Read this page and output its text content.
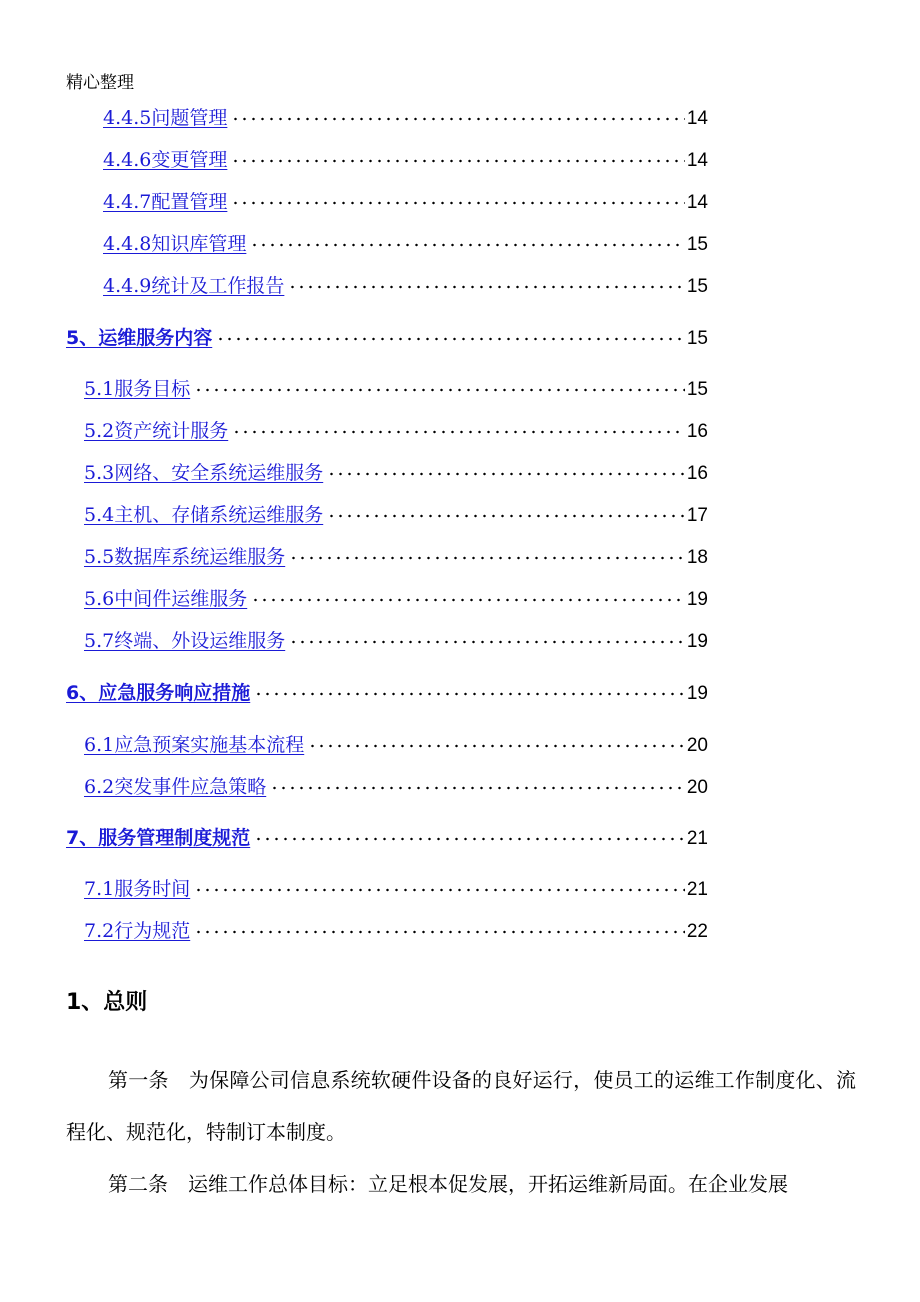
精心整理
4.4.5问题管理	14
4.4.6变更管理	14
4.4.7配置管理	14
4.4.8知识库管理	15
4.4.9统计及工作报告	15
5、运维服务内容	15
5.1服务目标	15
5.2资产统计服务	16
5.3网络、安全系统运维服务	16
5.4主机、存储系统运维服务	17
5.5数据库系统运维服务	18
5.6中间件运维服务	19
5.7终端、外设运维服务	19
6、应急服务响应措施	19
6.1应急预案实施基本流程	20
6.2突发事件应急策略	20
7、服务管理制度规范	21
7.1服务时间	21
7.2行为规范	22
1、总则
第一条　为保障公司信息系统软硬件设备的良好运行，使员工的运维工作制度化、流程化、规范化，特制订本制度。
第二条　运维工作总体目标：立足根本促发展，开拓运维新局面。在企业发展
